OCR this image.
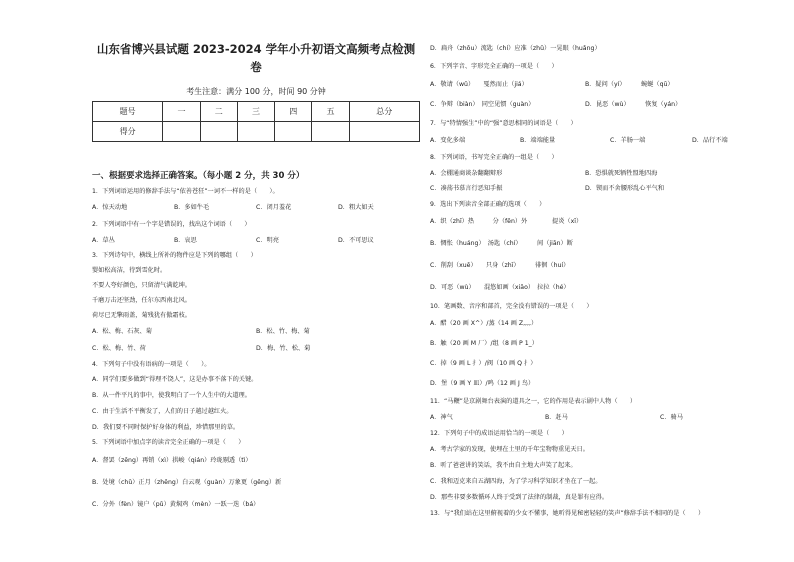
山东省博兴县试题 2023-2024 学年小升初语文高频考点检测
卷
考生注意：满分 100 分，时间 90 分钟
题号	一	二	三	四	五	总分
得分						
一、根据要求选择正确答案。（每小题 2 分，共 30 分）
1．下列词语运用的修辞手法与“依善苍狂”一词不一样的是（　　）。
A．惊天动地	B．多如牛毛	C．闭月羞花	D．粗大如天
2．下列词语中有一个字是错误的，找出这个词语（　　）
A．草丛	B．哀思	C．明亮	D．不可思议
3．下列诗句中，横线上所补的物件应是下列的哪组（　　）
婴如松高洁，待到雪化时。
不要人夸好颜色，只留清气满乾坤。
千磨万击还坚劲，任尔东西南北风。
荷尽已无擎雨盖，菊残犹有傲霜枝。
A．松、梅、石灰、菊	B．松、竹、梅、菊
C．松、梅、竹、荷	D．梅、竹、松、菊
4．下列句子中没有语病的一项是（　　）。
A．同学们要多做到“得理不饶人”，这是办事不落下的关键。
B．从一件平凡的事中，使我明白了一个人生中的大道理。
C．由于生活不平衡发了，人们的日子越过越红火。
D．我们要不同时保护好身体的利益，珍惜那里的草。
5．下列词语中加点字的读音完全正确的一项是（　　）
A．督罢（zēng）再销（xì）拱峻（qián）玲珑剔透（tì）
B．处境（chǔ）正月（zhēng）白云观（guàn）万象更（gēng）新
C．分外（fèn）镜户（pǔ）黄焖鸡（mèn）一跃一迭（bá）
D．扁舟（zhōu）流匙（chí）应准（zhǔ）一晃眼（huǎng）
6．下列字音、字形完全正确的一项是（　　）
A．敬请（wǔ）　　戛然而止（jiá）	B．疑问（yí）　　　蜿蜒（qū）
C．争辩（biàn）　同空见惯（guàn）	D．昆恶（wù）　　　恢复（yán）
7．与“特情强生”中的“强”意思相同的词语是（　　）
A．变化多端	B．端端能量	C．羊肠一端	D．品行不端
8．下列词语，书写完全正确的一组是（　　）
A．会棚通商谈杂翻翻辩形	B．恐惧就死牺牲盟地四海
C．凑荡书慕言行恶知手振	D．锲而不舍腰形乱心平气和
9．选出下列读音全部正确的选项（　　）
A．织（zhī）热　　　分（fēn）外　　　　提炎（xī）
B．惆怅（huáng）　汤匙（chí）　　　间（jiān）断
C．削刮（xuē）　　只身（zhī）　　　徘徊（huí）
D．可恶（wù）　　混悠如画（xiāo）　拉拉（hé）
10．笔画数、音序和部首，完全没有错误的一项是（　　）
A．醋（20 画 X^）/蒸（14 画 Z,,,,）
B．触（20 画 M 厂）/组（8 画 P 1_）
C．掉（9 画 L 扌）/阀（10 画 Q 扌）
D．堡（9 画 Y 皿）/鸣（12 画 J 鸟）
11．“马鞭”是京剧舞台表演的道具之一，它的作用是表示剧中人物（　　）
A．神气	B．赶马	C．骑马
12．下列句子中的成语运用恰当的一项是（　　）
A．考古学家的发现，使埋在土里的千年宝物物重见天日。
B．听了爸爸讲的笑话，我不由自主地大声笑了起来。
C．我和迈克来自五湖四海，为了学习科学知识才坐在了一起。
D．那些非要多数循环人终于受到了法律的制裁，真是罪有应得。
13．与“我们站在这里俯视着的少女不懂事，她听得见秘密轻轻的笑声”修辞手法不相同的是（　　）
